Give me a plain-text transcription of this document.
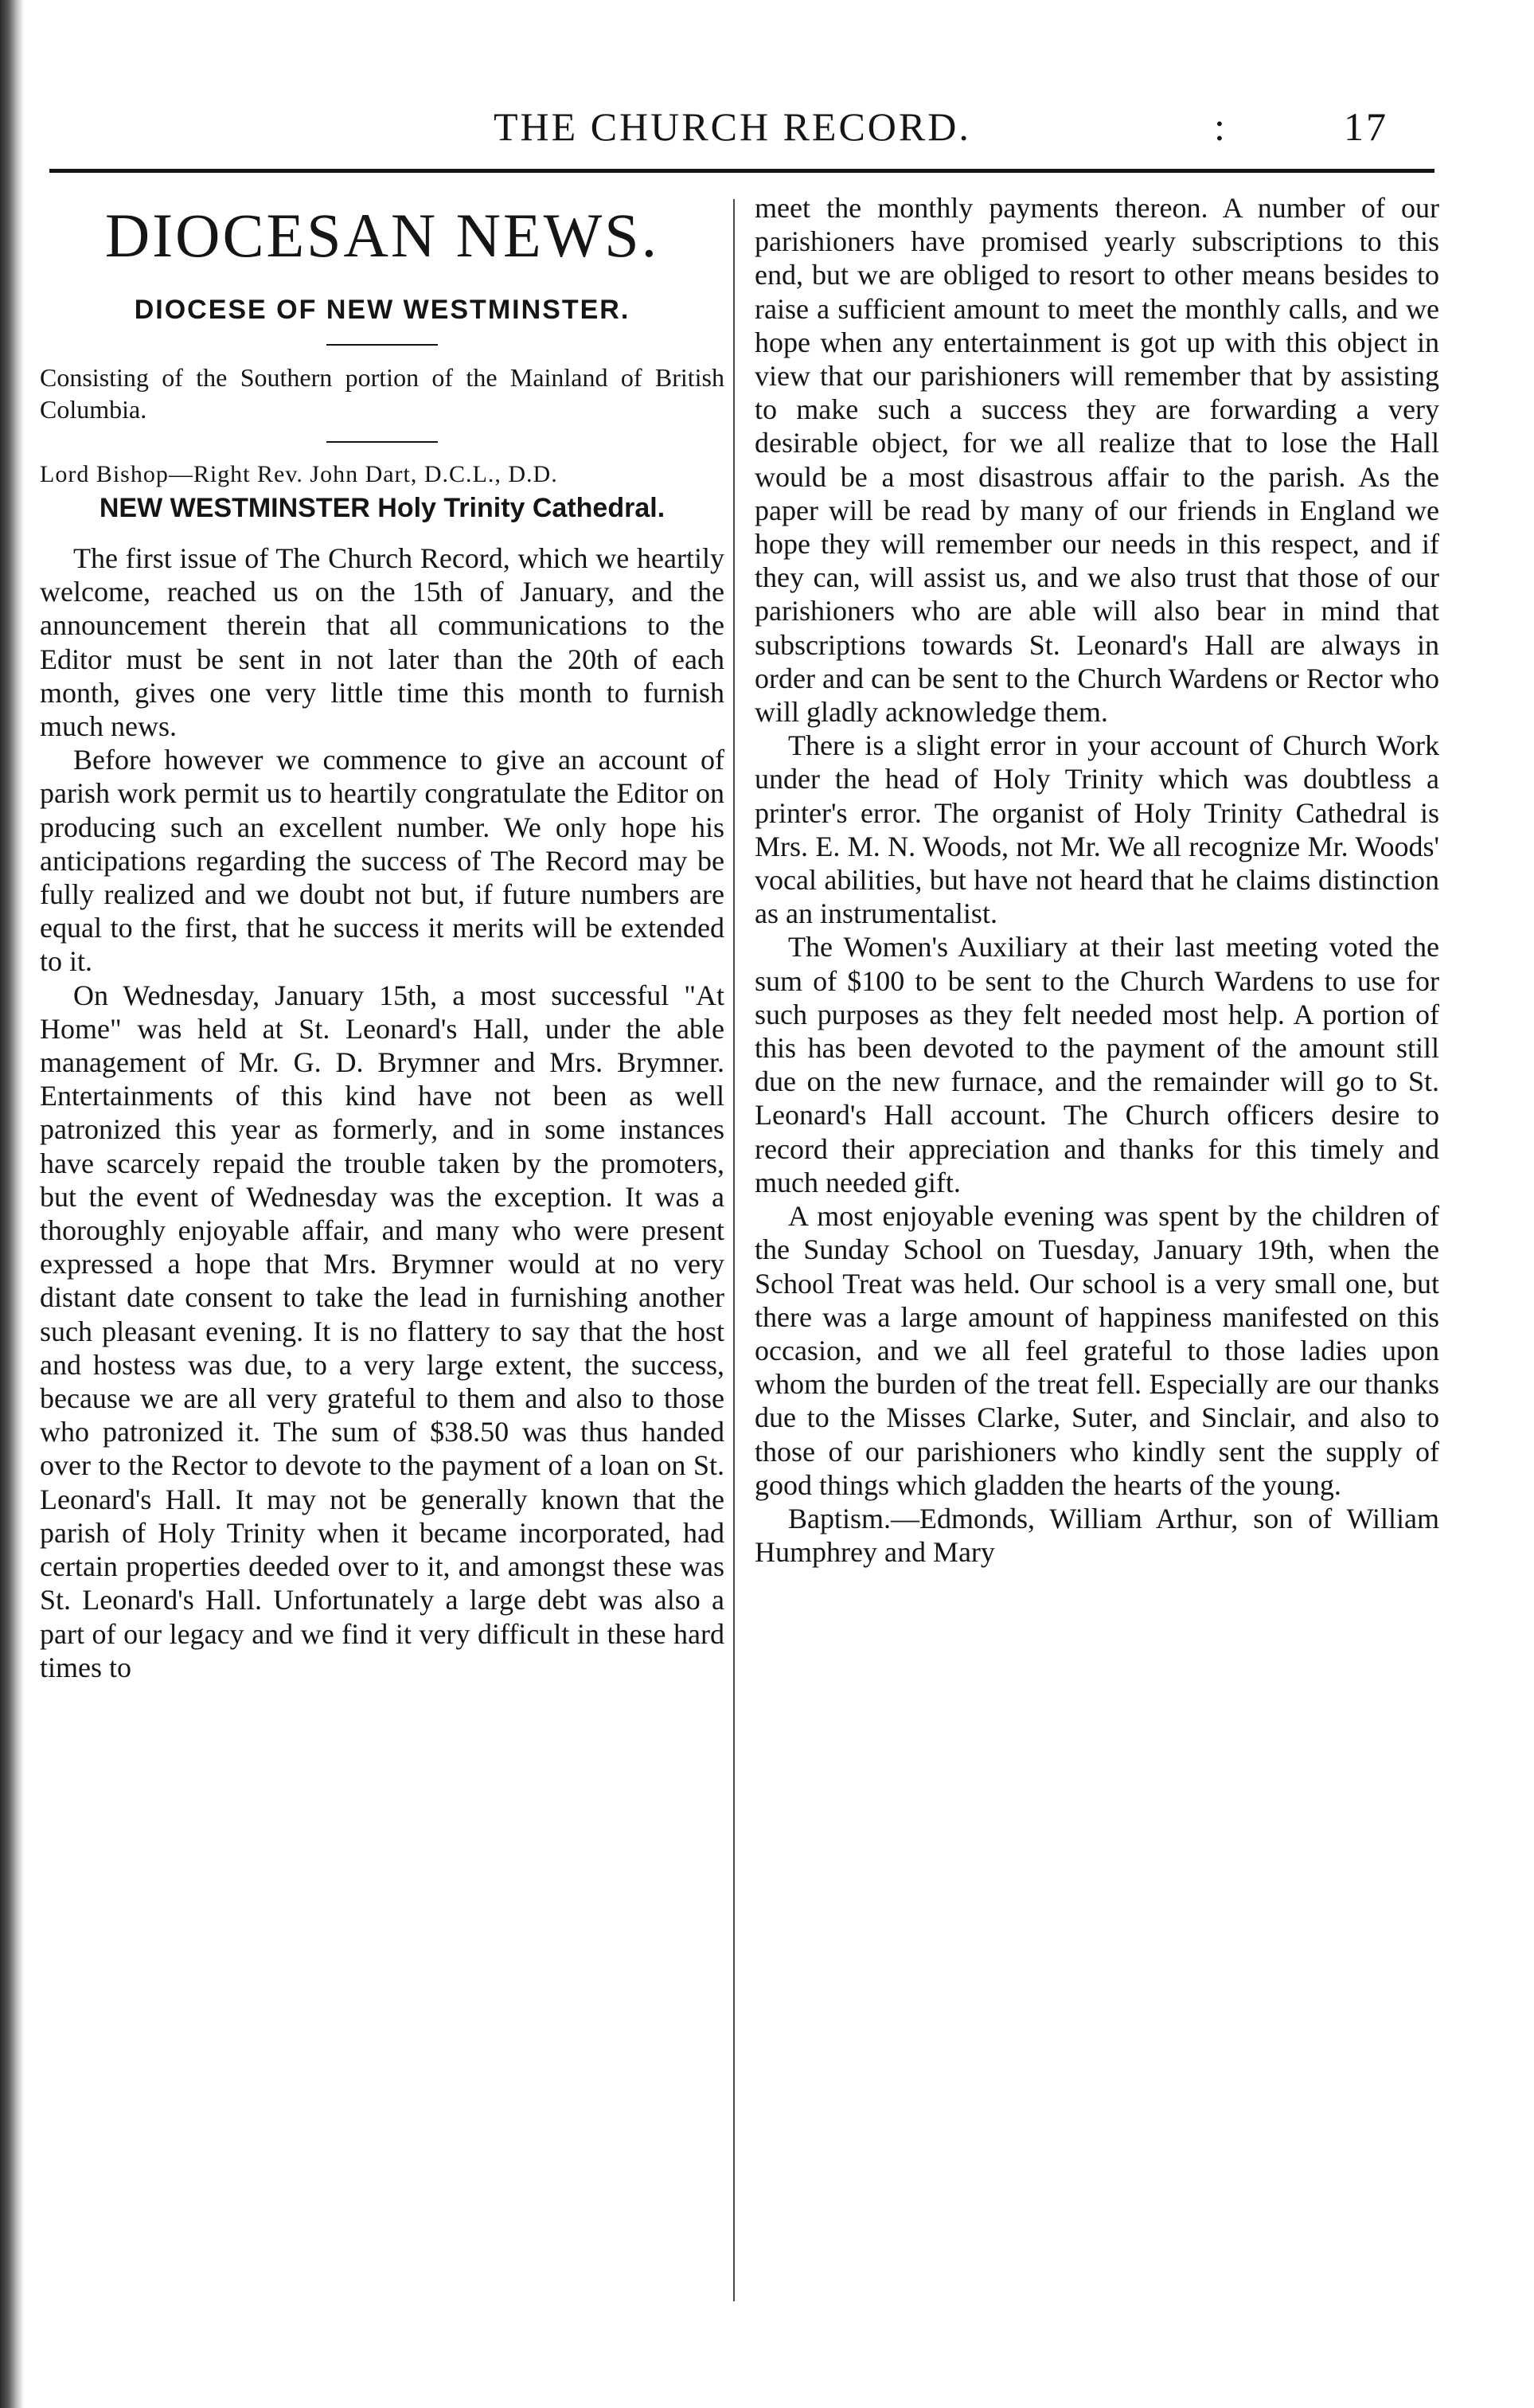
THE CHURCH RECORD.	:	17
DIOCESAN NEWS.
DIOCESE OF NEW WESTMINSTER.

Consisting of the Southern portion of the Mainland of British Columbia.

Lord Bishop—Right Rev. John Dart, D.C.L., D.D.

NEW WESTMINSTER Holy Trinity Cathedral.

The first issue of The Church Record, which we heartily welcome, reached us on the 15th of January, and the announcement therein that all communications to the Editor must be sent in not later than the 20th of each month, gives one very little time this month to furnish much news.

Before however we commence to give an account of parish work permit us to heartily congratulate the Editor on producing such an excellent number. We only hope his anticipations regarding the success of The Record may be fully realized and we doubt not but, if future numbers are equal to the first, that he success it merits will be extended to it.

On Wednesday, January 15th, a most successful "At Home" was held at St. Leonard's Hall, under the able management of Mr. G. D. Brymner and Mrs. Brymner. Entertainments of this kind have not been as well patronized this year as formerly, and in some instances have scarcely repaid the trouble taken by the promoters, but the event of Wednesday was the exception. It was a thoroughly enjoyable affair, and many who were present expressed a hope that Mrs. Brymner would at no very distant date consent to take the lead in furnishing another such pleasant evening. It is no flattery to say that the host and hostess was due, to a very large extent, the success, because we are all very grateful to them and also to those who patronized it. The sum of $38.50 was thus handed over to the Rector to devote to the payment of a loan on St. Leonard's Hall. It may not be generally known that the parish of Holy Trinity when it became incorporated, had certain properties deeded over to it, and amongst these was St. Leonard's Hall. Unfortunately a large debt was also a part of our legacy and we find it very difficult in these hard times to

meet the monthly payments thereon. A number of our parishioners have promised yearly subscriptions to this end, but we are obliged to resort to other means besides to raise a sufficient amount to meet the monthly calls, and we hope when any entertainment is got up with this object in view that our parishioners will remember that by assisting to make such a success they are forwarding a very desirable object, for we all realize that to lose the Hall would be a most disastrous affair to the parish. As the paper will be read by many of our friends in England we hope they will remember our needs in this respect, and if they can, will assist us, and we also trust that those of our parishioners who are able will also bear in mind that subscriptions towards St. Leonard's Hall are always in order and can be sent to the Church Wardens or Rector who will gladly acknowledge them.

There is a slight error in your account of Church Work under the head of Holy Trinity which was doubtless a printer's error. The organist of Holy Trinity Cathedral is Mrs. E. M. N. Woods, not Mr. We all recognize Mr. Woods' vocal abilities, but have not heard that he claims distinction as an instrumentalist.

The Women's Auxiliary at their last meeting voted the sum of $100 to be sent to the Church Wardens to use for such purposes as they felt needed most help. A portion of this has been devoted to the payment of the amount still due on the new furnace, and the remainder will go to St. Leonard's Hall account. The Church officers desire to record their appreciation and thanks for this timely and much needed gift.

A most enjoyable evening was spent by the children of the Sunday School on Tuesday, January 19th, when the School Treat was held. Our school is a very small one, but there was a large amount of happiness manifested on this occasion, and we all feel grateful to those ladies upon whom the burden of the treat fell. Especially are our thanks due to the Misses Clarke, Suter, and Sinclair, and also to those of our parishioners who kindly sent the supply of good things which gladden the hearts of the young.

Baptism.—Edmonds, William Arthur, son of William Humphrey and Mary
